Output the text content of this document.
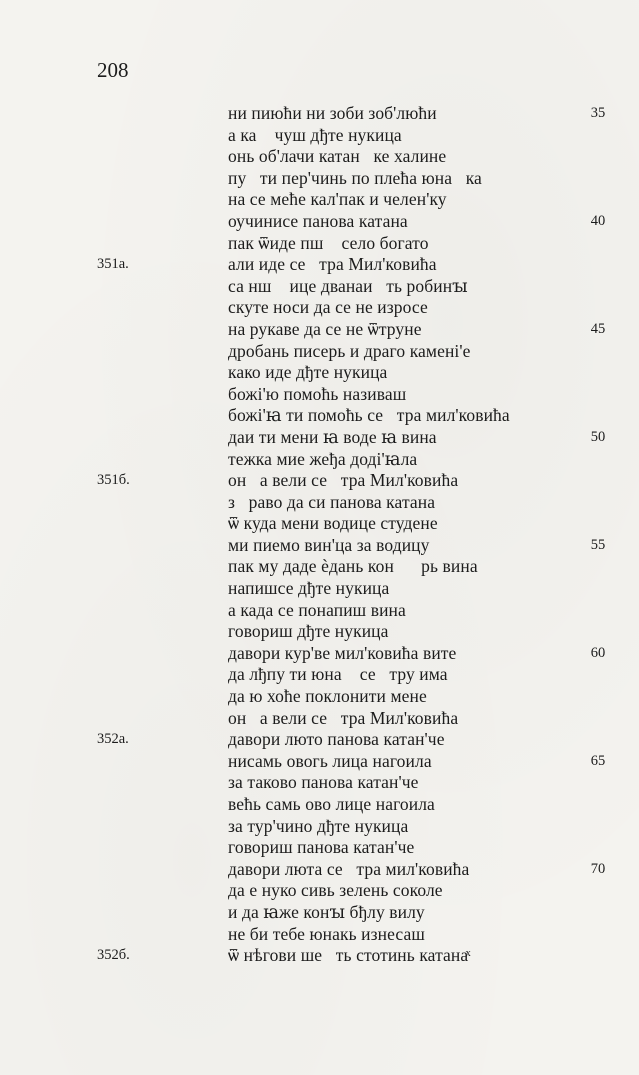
208
ни пиюћи ни зоби зоб'люћи
а каᷣ чуш дђте нукица
онь об'лачи катан᷷ке халине
пуᷮти пер'чинь по плећа юнаᷣка
на се мећe кал'пак и челен'ку
оучинисе панова катана
пак ѿиде пшᷠ село богато
али иде се᷷тра Мил'ковића
са ншᷩ ице дванаи᷷ть робинꙑ
скуте носи да се не изросе
на рукаве да се не ѿтруне
дробань писерь и драго камені'е
како иде дђте нукица
божі'ю помоћь називаш
божі'ꙗ ти помоћь се᷷тра мил'ковића
даи ти мени ꙗ воде ꙗ вина
тежка мие жеђа доді'ꙗла
онᷠа вели се᷷тра Мил'ковића
зᷠраво да си панова катана
ѿ куда мени водице студене
ми пиемо вин'ца за водицу
пак му даде ѐдань конᷠᷮрь вина
напишсе дђте нукица
а када се понапиш вина
говориш дђте нукица
давори кур'ве мил'ковића вите
да лђпу ти юнаᷣ се᷷тру има
да ю хоће поклонити мене
онᷠа вели се᷷тра Мил'ковића
давори люто панова катан'че
нисамь овогь лица нагоила
за таково панова катан'че
већь самь ово лице нагоила
за тур'чино дђте нукица
говориш панова катан'че
давори люта се᷷тра мил'ковића
да е нуко сивь зелень соколе
и да ꙗже конꙑ бђлу вилу
не би тебе юнакь изнесаш
ѿ нѣгови ше᷷ть стотинь катанаͯ
351a.
351б.
352a.
352б.
35
40
45
50
55
60
65
70
